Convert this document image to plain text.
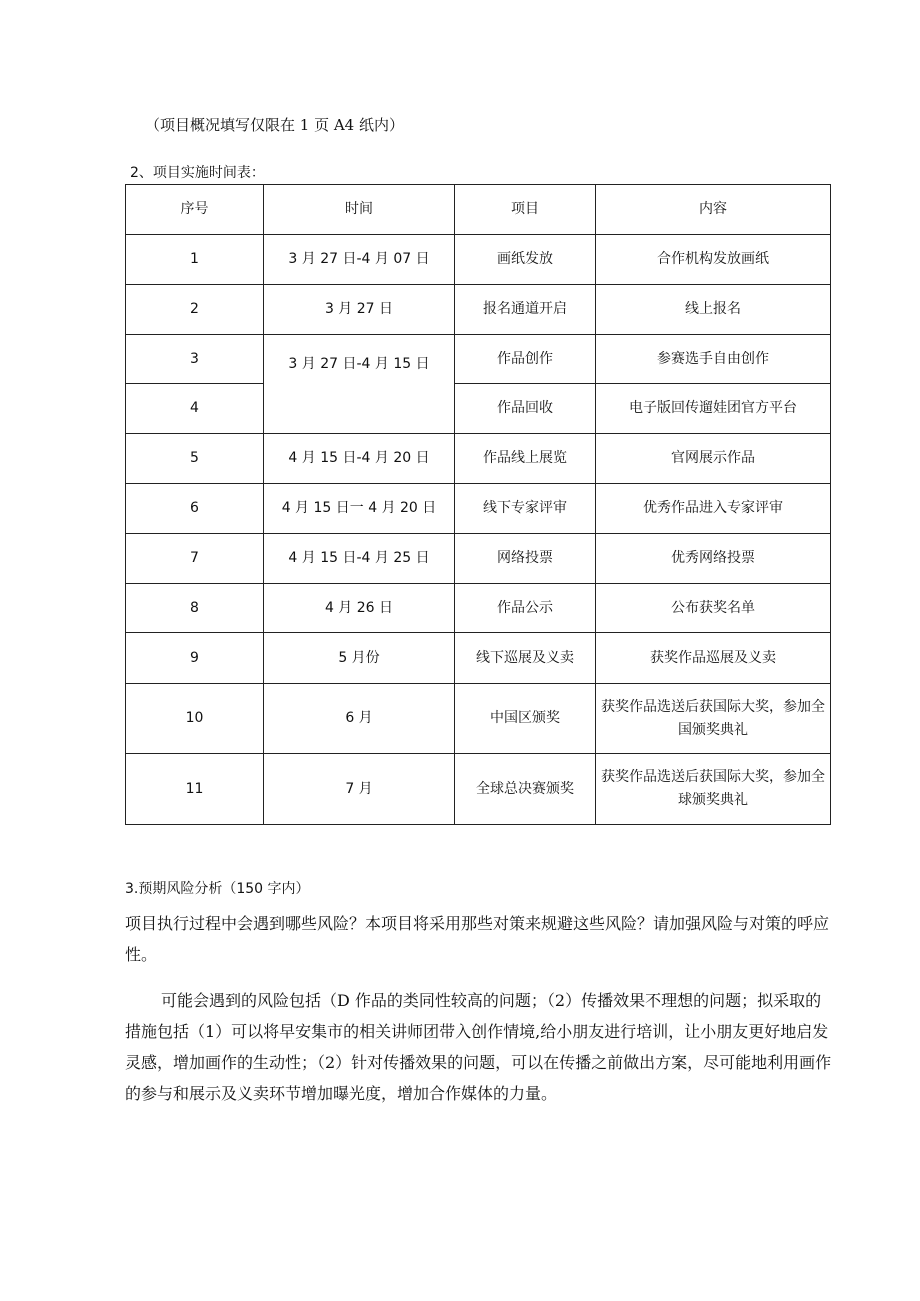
（项目概况填写仅限在 1 页 A4 纸内）
2、项目实施时间表：
序号	时间	项目	内容
1	3 月 27 日-4 月 07 日	画纸发放	合作机构发放画纸
2	3 月 27 日	报名通道开启	线上报名
3	3 月 27 日-4 月 15 日	作品创作	参赛选手自由创作
4		作品回收	电子版回传遛娃团官方平台
5	4 月 15 日-4 月 20 日	作品线上展览	官网展示作品
6	4 月 15 日一 4 月 20 日	线下专家评审	优秀作品进入专家评审
7	4 月 15 日-4 月 25 日	网络投票	优秀网络投票
8	4 月 26 日	作品公示	公布获奖名单
9	5 月份	线下巡展及义卖	获奖作品巡展及义卖
10	6 月	中国区颁奖	获奖作品选送后获国际大奖，参加全国颁奖典礼
11	7 月	全球总决赛颁奖	获奖作品选送后获国际大奖，参加全球颁奖典礼
3.预期风险分析（150 字内）
项目执行过程中会遇到哪些风险？本项目将采用那些对策来规避这些风险？请加强风险与对策的呼应性。
可能会遇到的风险包括（D 作品的类同性较高的问题；（2）传播效果不理想的问题；拟采取的措施包括（1）可以将早安集市的相关讲师团带入创作情境,给小朋友进行培训，让小朋友更好地启发灵感，增加画作的生动性；（2）针对传播效果的问题，可以在传播之前做出方案，尽可能地利用画作的参与和展示及义卖环节增加曝光度，增加合作媒体的力量。
